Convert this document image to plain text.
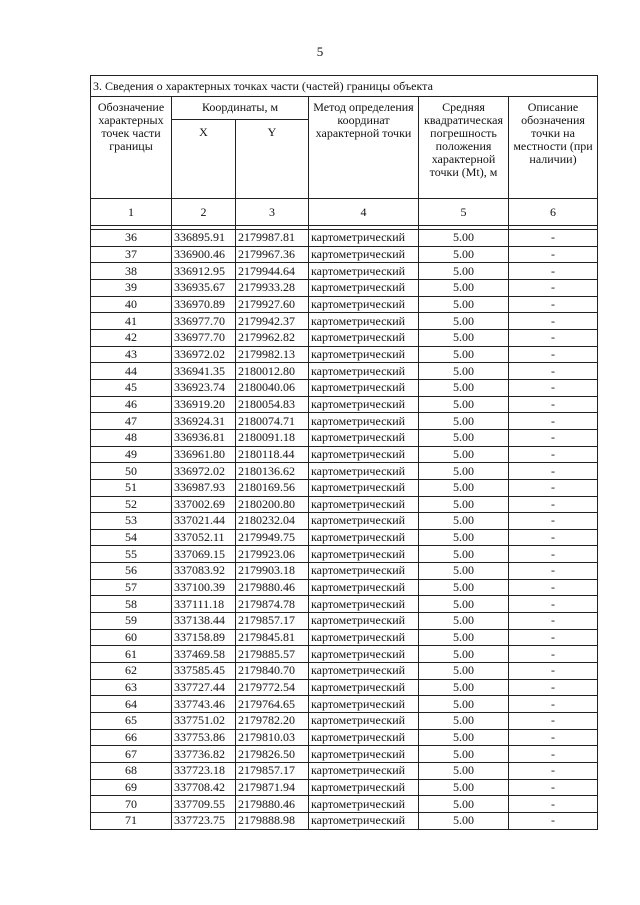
5
3. Сведения о характерных точках части (частей) границы объекта					
Обозначение характерных точек части границы	Координаты, м		Метод определения координат характерной точки	Средняя квадратическая погрешность положения характерной точки (Mt), м	Описание обозначения точки на местности (при наличии)
	X	Y			
1	2	3	4	5	6

36	336895.91	2179987.81	картометрический	5.00	-
37	336900.46	2179967.36	картометрический	5.00	-
38	336912.95	2179944.64	картометрический	5.00	-
39	336935.67	2179933.28	картометрический	5.00	-
40	336970.89	2179927.60	картометрический	5.00	-
41	336977.70	2179942.37	картометрический	5.00	-
42	336977.70	2179962.82	картометрический	5.00	-
43	336972.02	2179982.13	картометрический	5.00	-
44	336941.35	2180012.80	картометрический	5.00	-
45	336923.74	2180040.06	картометрический	5.00	-
46	336919.20	2180054.83	картометрический	5.00	-
47	336924.31	2180074.71	картометрический	5.00	-
48	336936.81	2180091.18	картометрический	5.00	-
49	336961.80	2180118.44	картометрический	5.00	-
50	336972.02	2180136.62	картометрический	5.00	-
51	336987.93	2180169.56	картометрический	5.00	-
52	337002.69	2180200.80	картометрический	5.00	-
53	337021.44	2180232.04	картометрический	5.00	-
54	337052.11	2179949.75	картометрический	5.00	-
55	337069.15	2179923.06	картометрический	5.00	-
56	337083.92	2179903.18	картометрический	5.00	-
57	337100.39	2179880.46	картометрический	5.00	-
58	337111.18	2179874.78	картометрический	5.00	-
59	337138.44	2179857.17	картометрический	5.00	-
60	337158.89	2179845.81	картометрический	5.00	-
61	337469.58	2179885.57	картометрический	5.00	-
62	337585.45	2179840.70	картометрический	5.00	-
63	337727.44	2179772.54	картометрический	5.00	-
64	337743.46	2179764.65	картометрический	5.00	-
65	337751.02	2179782.20	картометрический	5.00	-
66	337753.86	2179810.03	картометрический	5.00	-
67	337736.82	2179826.50	картометрический	5.00	-
68	337723.18	2179857.17	картометрический	5.00	-
69	337708.42	2179871.94	картометрический	5.00	-
70	337709.55	2179880.46	картометрический	5.00	-
71	337723.75	2179888.98	картометрический	5.00	-
